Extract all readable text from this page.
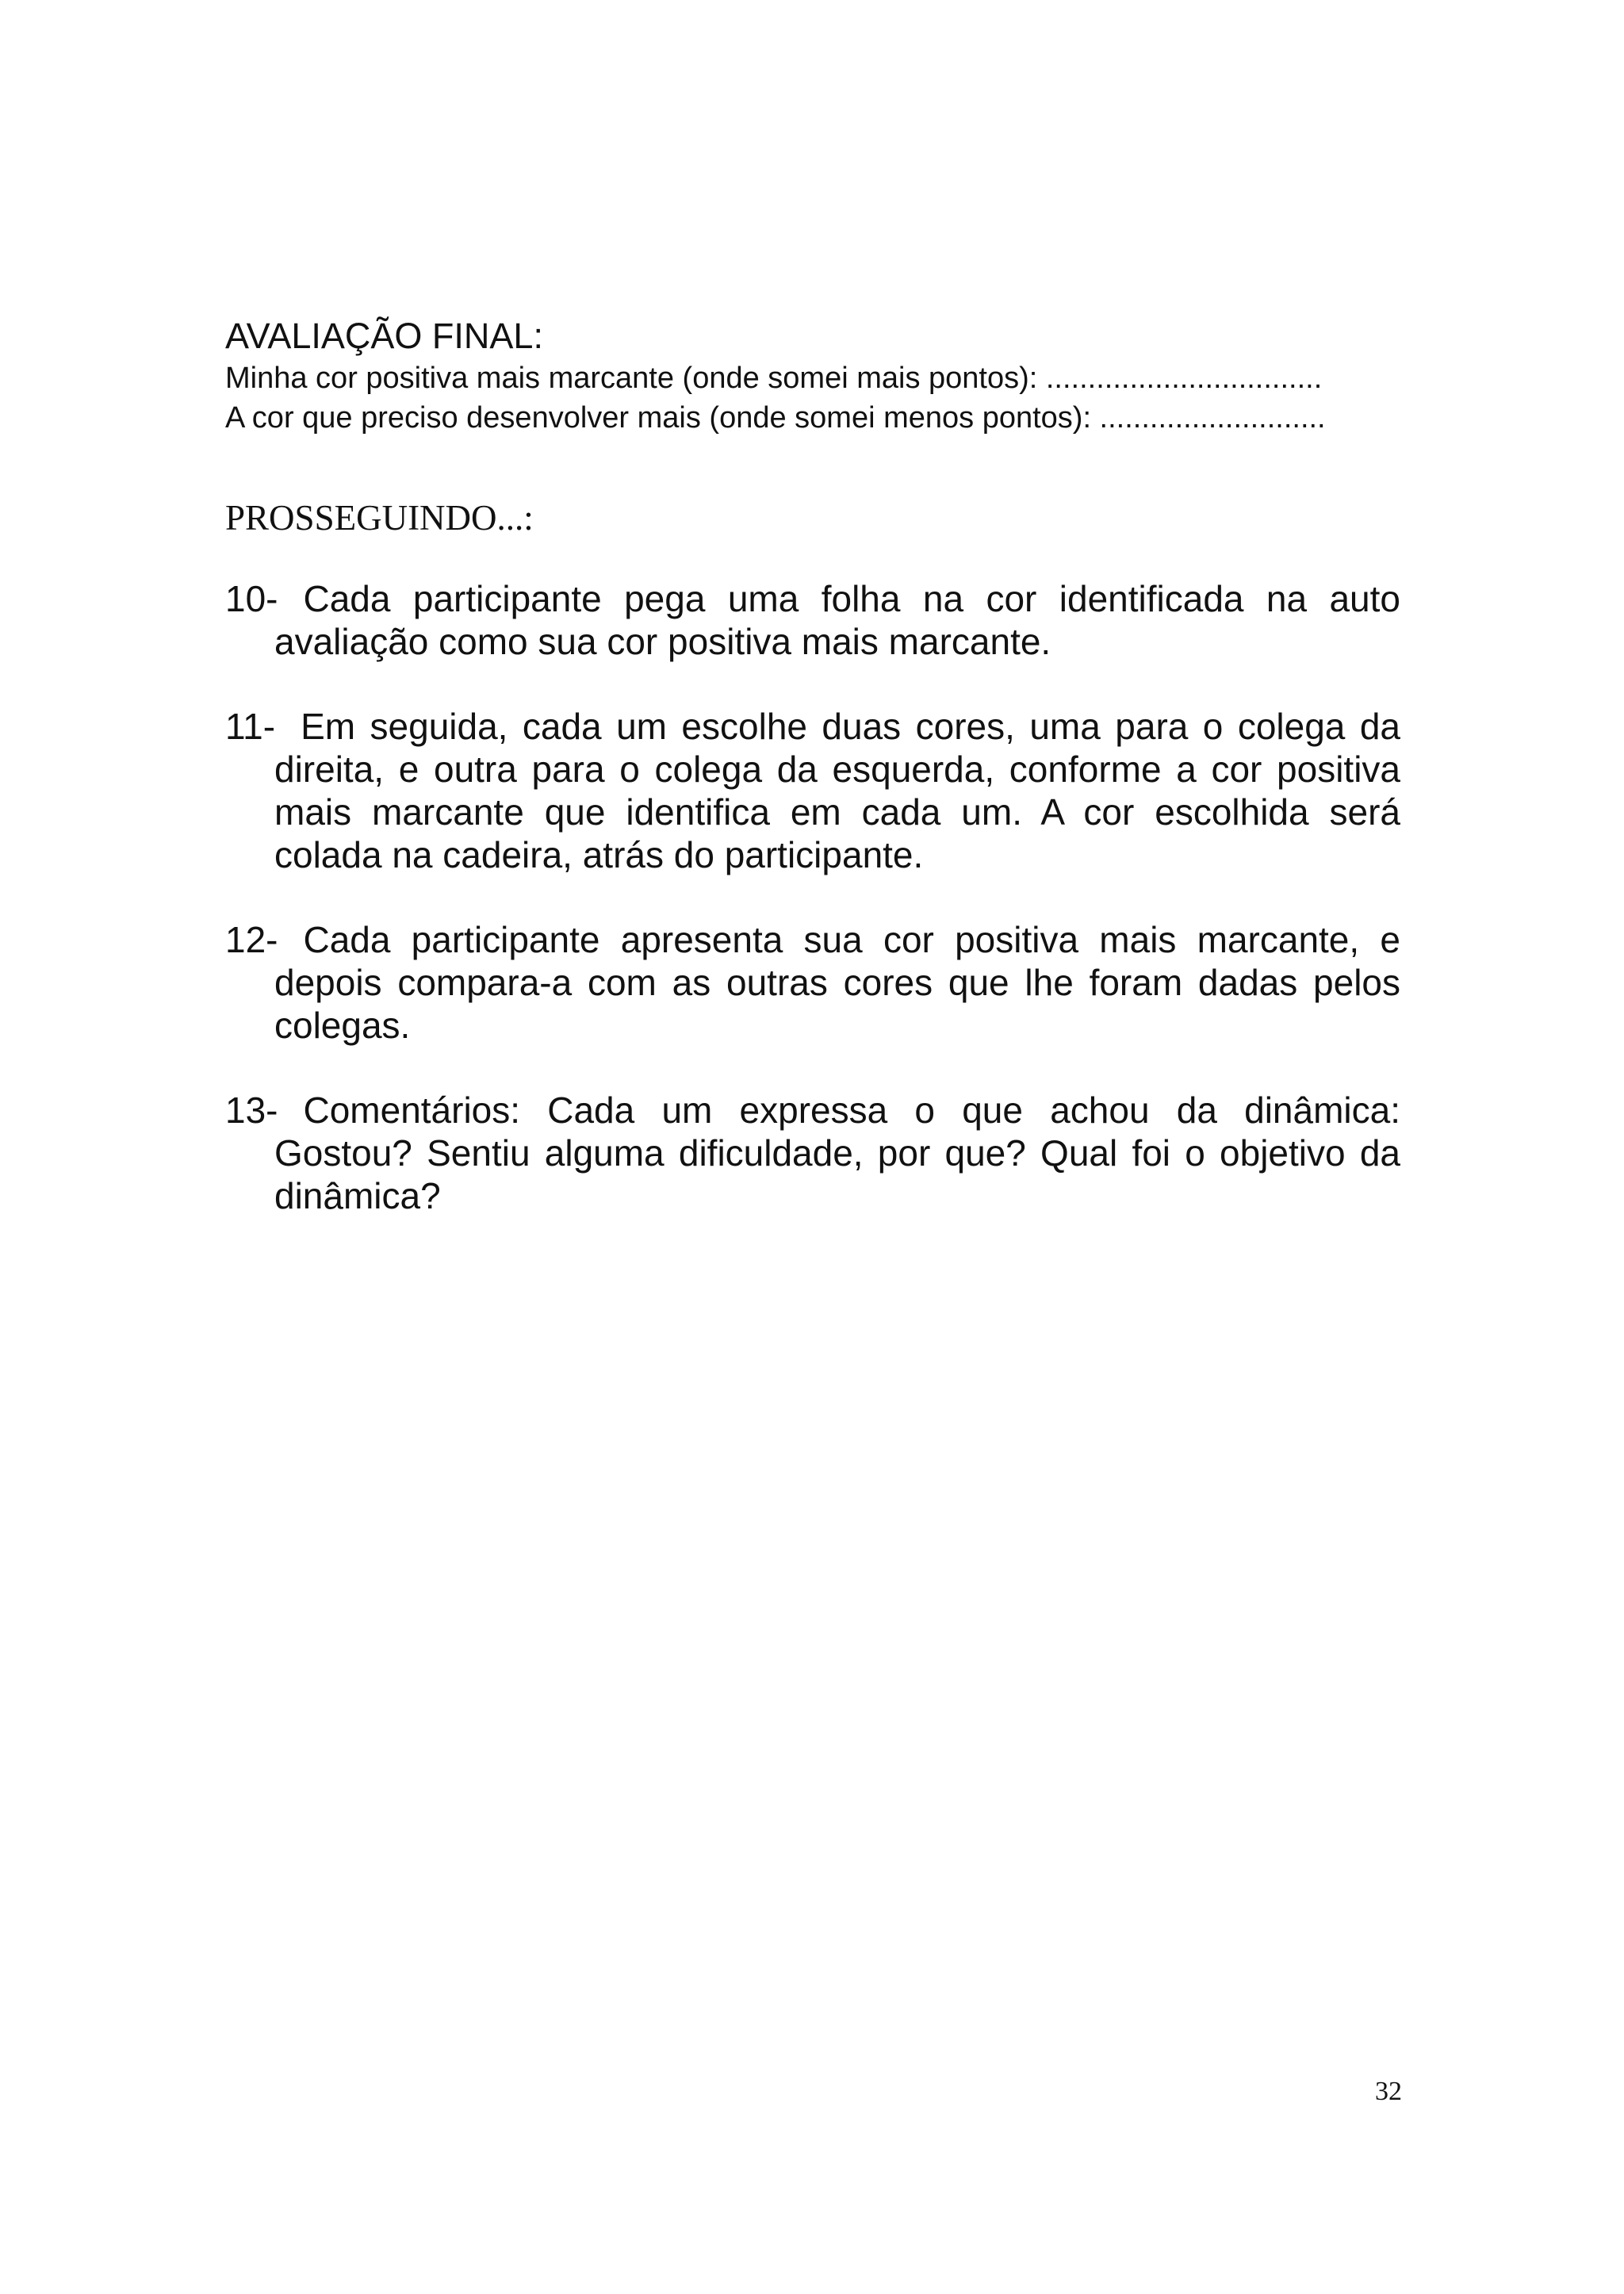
AVALIAÇÃO FINAL:

Minha cor positiva mais marcante (onde somei mais pontos): .................................

A cor que preciso desenvolver mais (onde somei menos pontos): ...........................

PROSSEGUINDO...:
10- Cada participante pega uma folha na cor identificada na auto avaliação como sua cor positiva mais marcante.
11- Em seguida, cada um escolhe duas cores, uma para o colega da direita, e outra para o colega da esquerda, conforme a cor positiva mais marcante que identifica em cada um. A cor escolhida será colada na cadeira, atrás do participante.
12- Cada participante apresenta sua cor positiva mais marcante, e depois compara-a com as outras cores que lhe foram dadas pelos colegas.
13- Comentários: Cada um expressa o que achou da dinâmica: Gostou? Sentiu alguma dificuldade, por que? Qual foi o objetivo da dinâmica?
32
